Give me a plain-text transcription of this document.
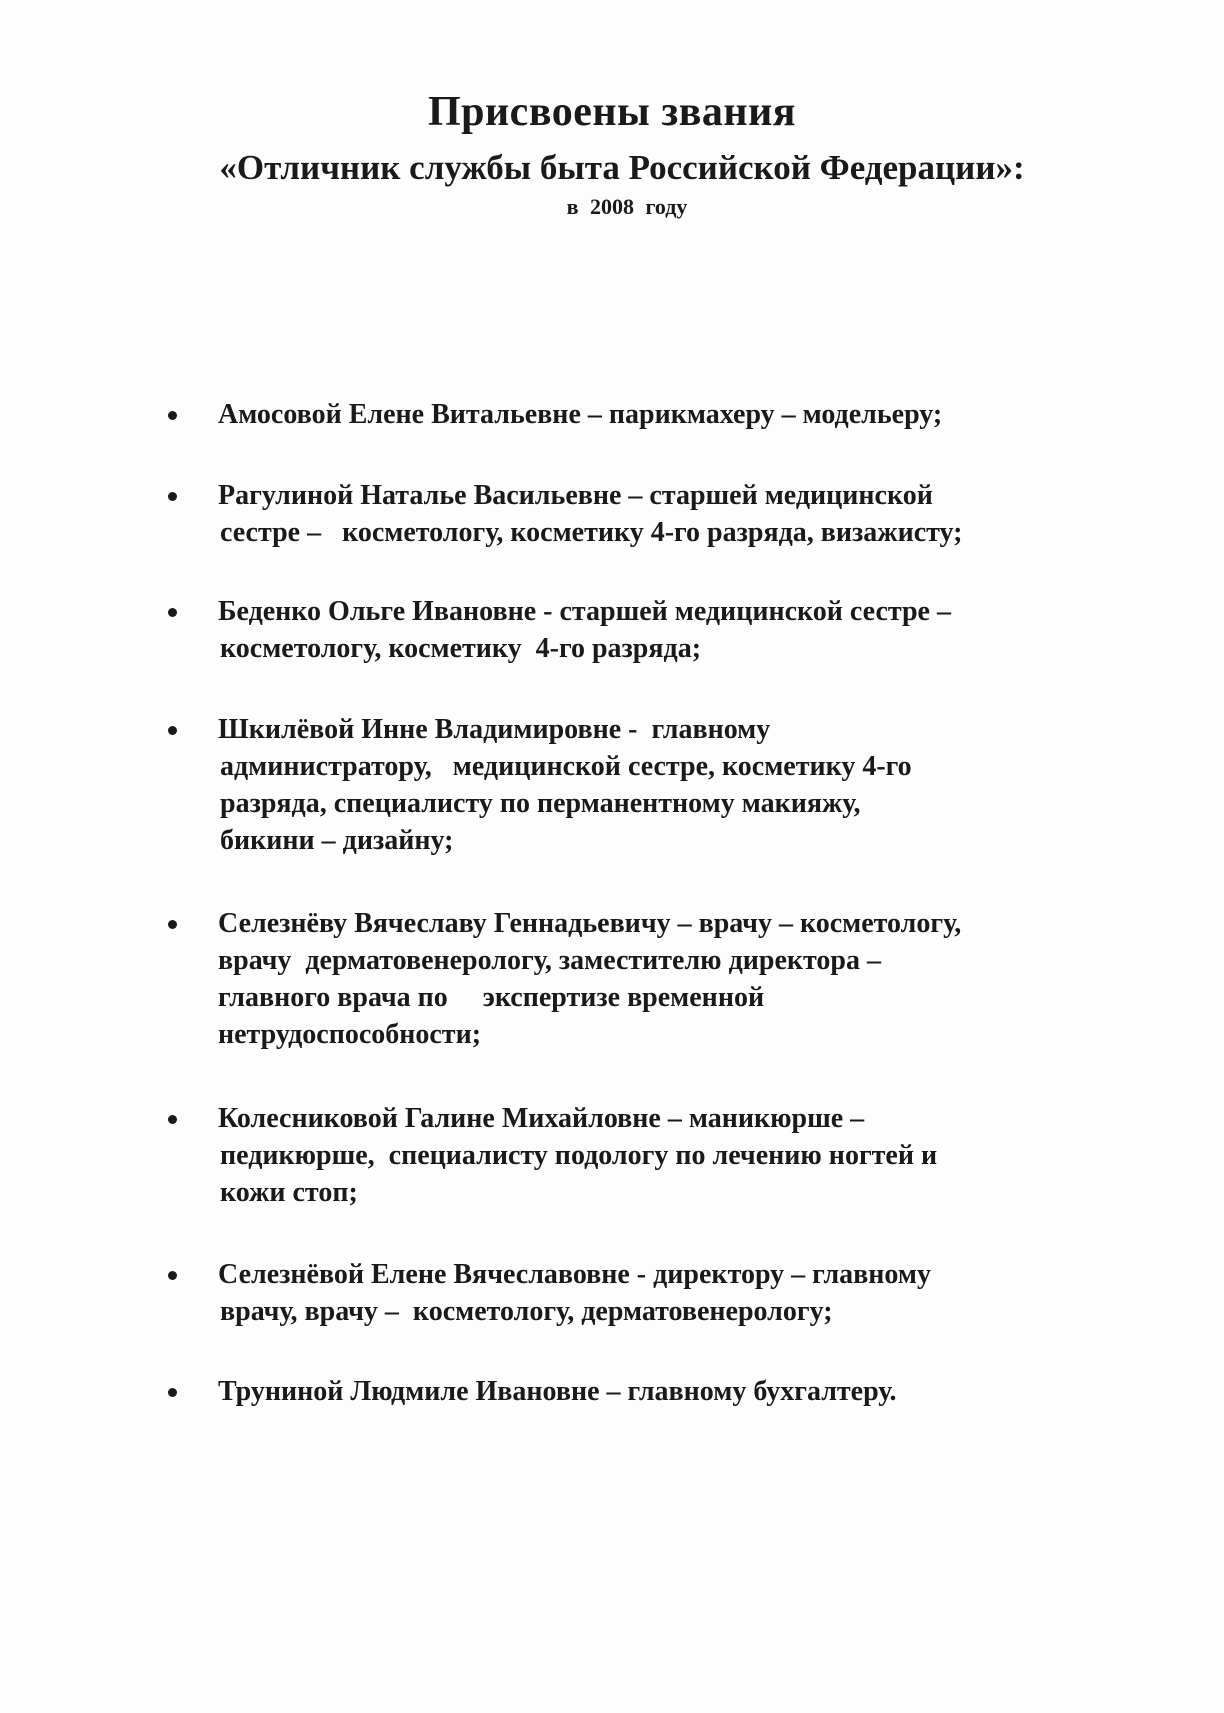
Присвоены звания
«Отличник службы быта Российской Федерации»:
в 2008 году
Амосовой Елене Витальевне – парикмахеру – модельеру;
Рагулиной Наталье Васильевне – старшей медицинской
сестре –   косметологу, косметику 4-го разряда, визажисту;
Беденко Ольге Ивановне - старшей медицинской сестре –
косметологу, косметику  4-го разряда;
Шкилёвой Инне Владимировне -  главному
администратору,   медицинской сестре, косметику 4-го
разряда, специалисту по перманентному макияжу,
бикини – дизайну;
Селезнёву Вячеславу Геннадьевичу – врачу – косметологу,
врачу  дерматовенерологу, заместителю директора –
главного врача по     экспертизе временной
нетрудоспособности;
Колесниковой Галине Михайловне – маникюрше –
педикюрше,  специалисту подологу по лечению ногтей и
кожи стоп;
Селезнёвой Елене Вячеславовне - директору – главному
врачу, врачу –  косметологу, дерматовенерологу;
Труниной Людмиле Ивановне – главному бухгалтеру.
